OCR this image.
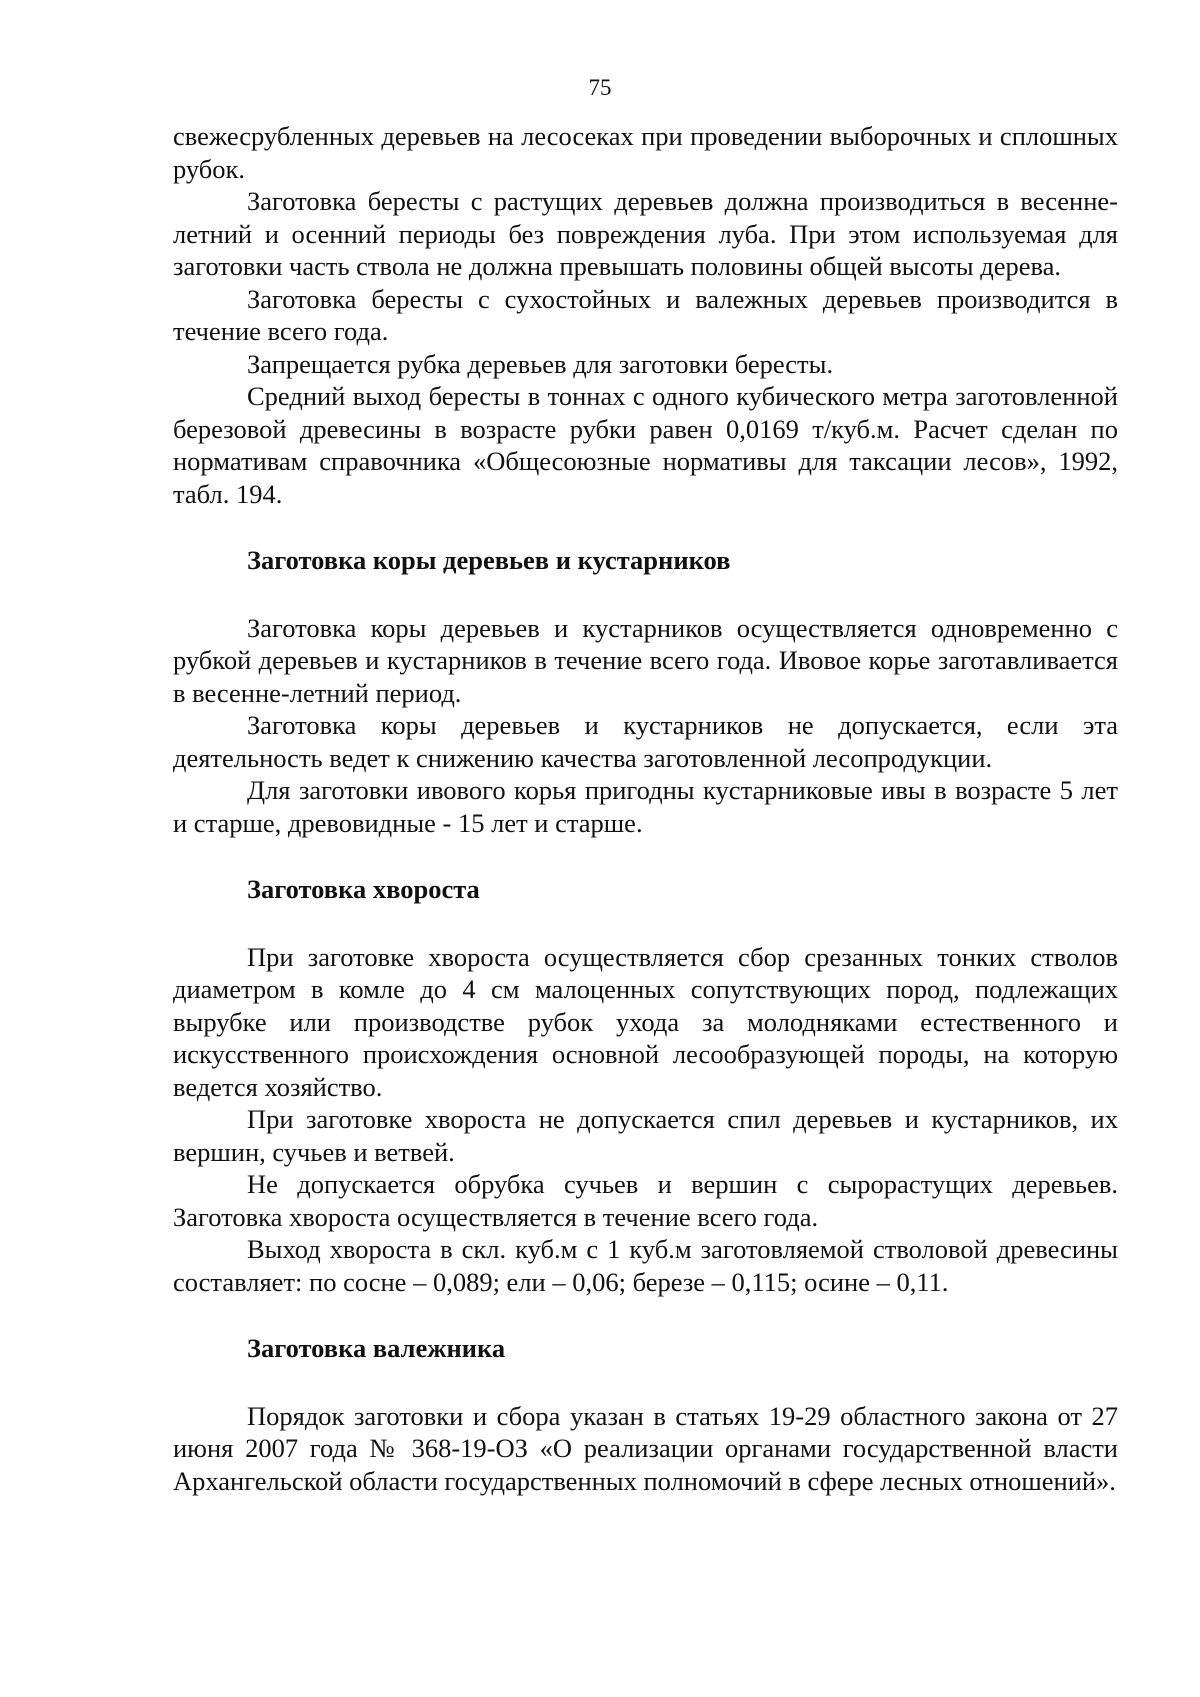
75

свежесрубленных деревьев на лесосеках при проведении выборочных и сплошных рубок.

Заготовка бересты с растущих деревьев должна производиться в весенне-летний и осенний периоды без повреждения луба. При этом используемая для заготовки часть ствола не должна превышать половины общей высоты дерева.

Заготовка бересты с сухостойных и валежных деревьев производится в течение всего года.

Запрещается рубка деревьев для заготовки бересты.

Средний выход бересты в тоннах с одного кубического метра заготовленной березовой древесины в возрасте рубки равен 0,0169 т/куб.м. Расчет сделан по нормативам справочника «Общесоюзные нормативы для таксации лесов», 1992, табл. 194.

Заготовка коры деревьев и кустарников

Заготовка коры деревьев и кустарников осуществляется одновременно с рубкой деревьев и кустарников в течение всего года. Ивовое корье заготавливается в весенне-летний период.

Заготовка коры деревьев и кустарников не допускается, если эта деятельность ведет к снижению качества заготовленной лесопродукции.

Для заготовки ивового корья пригодны кустарниковые ивы в возрасте 5 лет и старше, древовидные - 15 лет и старше.

Заготовка хвороста

При заготовке хвороста осуществляется сбор срезанных тонких стволов диаметром в комле до 4 см малоценных сопутствующих пород, подлежащих вырубке или производстве рубок ухода за молодняками естественного и искусственного происхождения основной лесообразующей породы, на которую ведется хозяйство.

При заготовке хвороста не допускается спил деревьев и кустарников, их вершин, сучьев и ветвей.

Не допускается обрубка сучьев и вершин с сырорастущих деревьев. Заготовка хвороста осуществляется в течение всего года.

Выход хвороста в скл. куб.м с 1 куб.м заготовляемой стволовой древесины составляет: по сосне – 0,089; ели – 0,06; березе – 0,115; осине – 0,11.

Заготовка валежника

Порядок заготовки и сбора указан в статьях 19-29 областного закона от 27 июня 2007 года № 368-19-ОЗ «О реализации органами государственной власти Архангельской области государственных полномочий в сфере лесных отношений».
